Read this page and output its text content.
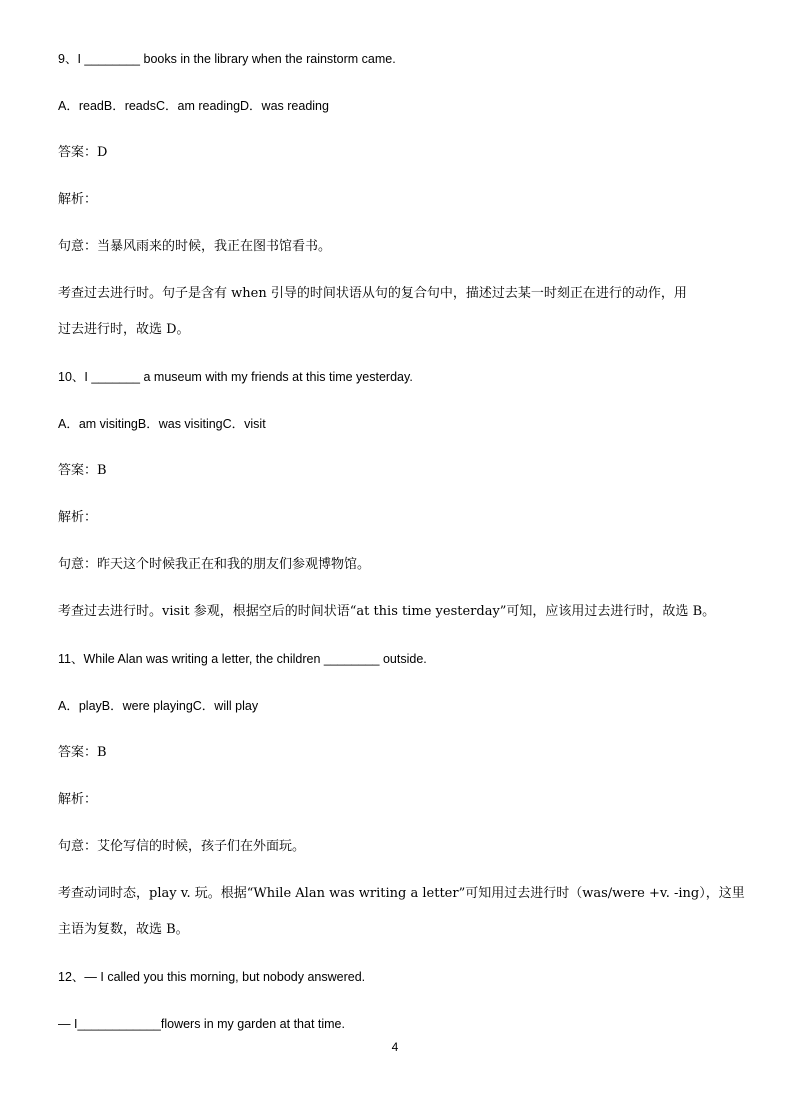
9、I ________ books in the library when the rainstorm came.
A．readB．readsC．am readingD．was reading
答案：D
解析：
句意：当暴风雨来的时候，我正在图书馆看书。
考查过去进行时。句子是含有 when 引导的时间状语从句的复合句中，描述过去某一时刻正在进行的动作，用
过去进行时，故选 D。
10、I _______ a museum with my friends at this time yesterday.
A．am visitingB．was visitingC．visit
答案：B
解析：
句意：昨天这个时候我正在和我的朋友们参观博物馆。
考查过去进行时。visit 参观，根据空后的时间状语“at this time yesterday”可知，应该用过去进行时，故选 B。
11、While Alan was writing a letter, the children ________ outside.
A．playB．were playingC．will play
答案：B
解析：
句意：艾伦写信的时候，孩子们在外面玩。
考查动词时态，play v. 玩。根据“While Alan was writing a letter”可知用过去进行时（was/were +v. -ing），这里
主语为复数，故选 B。
12、— I called you this morning, but nobody answered.
— I____________flowers in my garden at that time.
4
